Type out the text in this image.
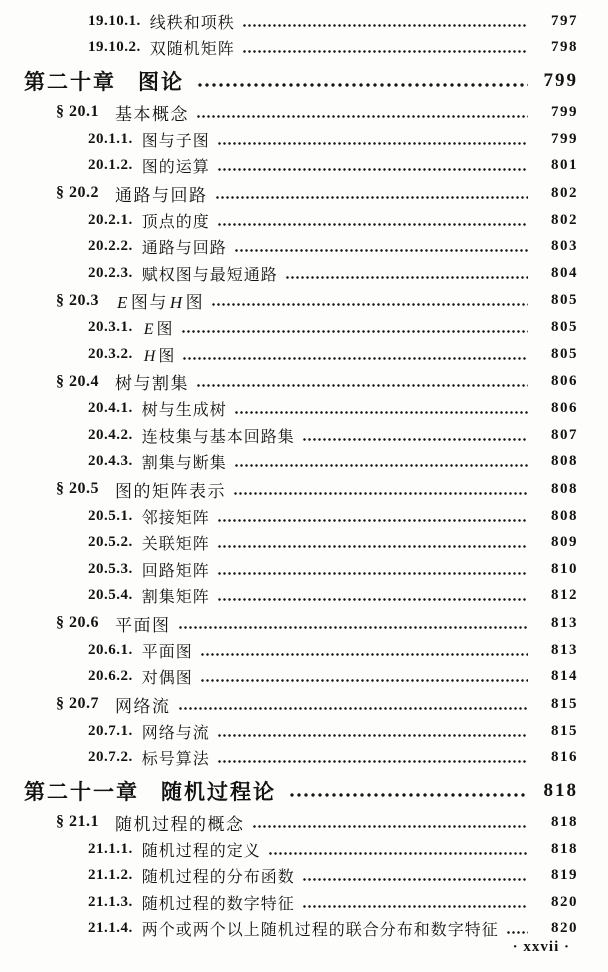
19.10.1. 线秩和项秩	797
19.10.2. 双随机矩阵	798
第二十章 图论	799
§ 20.1 基本概念	799
20.1.1. 图与子图	799
20.1.2. 图的运算	801
§ 20.2 通路与回路	802
20.2.1. 顶点的度	802
20.2.2. 通路与回路	803
20.2.3. 赋权图与最短通路	804
§ 20.3 E 图与 H 图	805
20.3.1. E 图	805
20.3.2. H 图	805
§ 20.4 树与割集	806
20.4.1. 树与生成树	806
20.4.2. 连枝集与基本回路集	807
20.4.3. 割集与断集	808
§ 20.5 图的矩阵表示	808
20.5.1. 邻接矩阵	808
20.5.2. 关联矩阵	809
20.5.3. 回路矩阵	810
20.5.4. 割集矩阵	812
§ 20.6 平面图	813
20.6.1. 平面图	813
20.6.2. 对偶图	814
§ 20.7 网络流	815
20.7.1. 网络与流	815
20.7.2. 标号算法	816
第二十一章 随机过程论	818
§ 21.1 随机过程的概念	818
21.1.1. 随机过程的定义	818
21.1.2. 随机过程的分布函数	819
21.1.3. 随机过程的数字特征	820
21.1.4. 两个或两个以上随机过程的联合分布和数字特征	820
· xxvii ·
